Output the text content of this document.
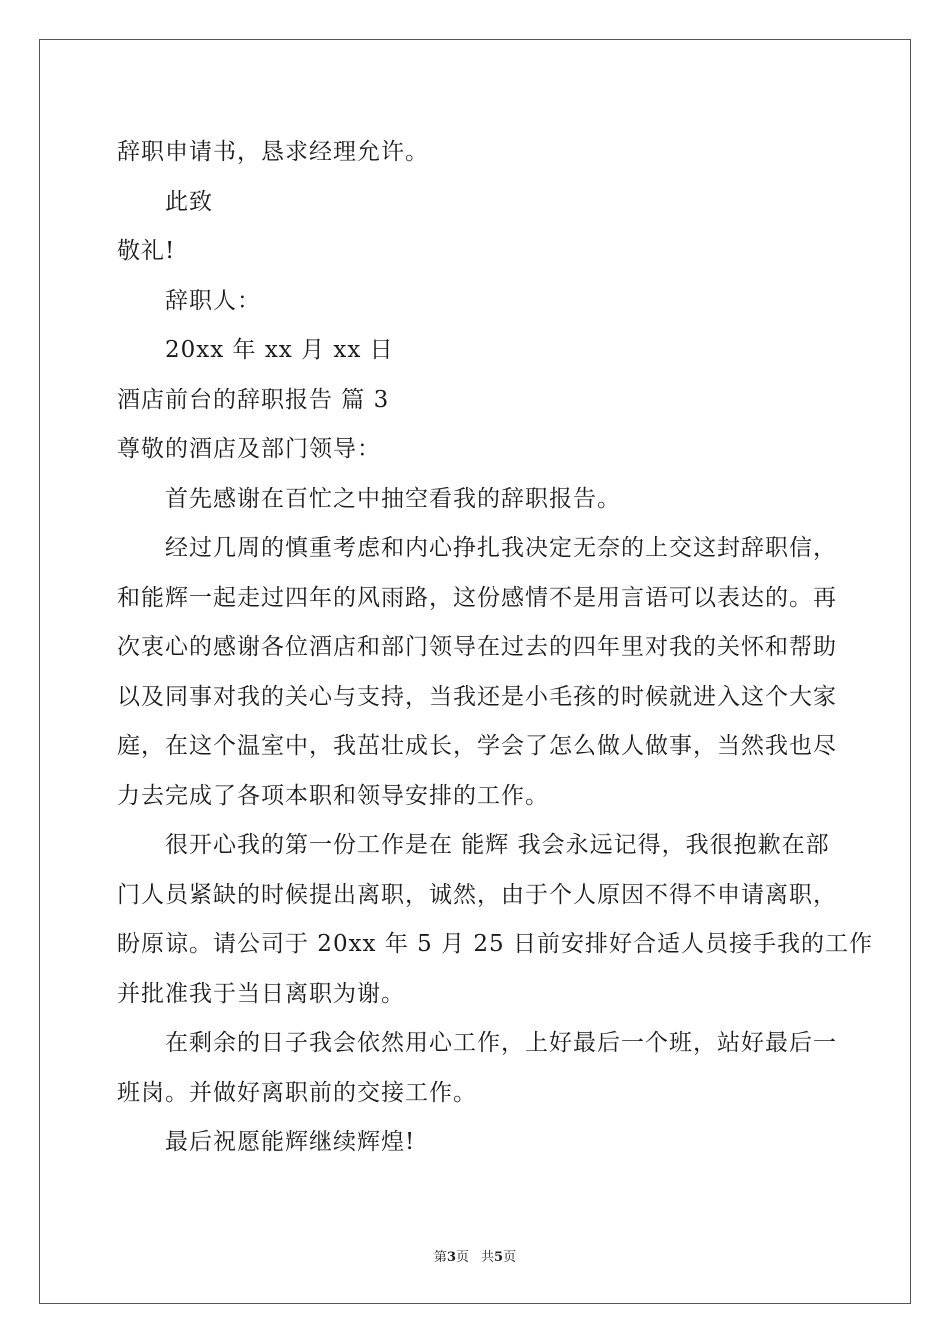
辞职申请书，恳求经理允许。
此致
敬礼!
辞职人：
20xx 年 xx 月 xx 日
酒店前台的辞职报告 篇 3
尊敬的酒店及部门领导：
首先感谢在百忙之中抽空看我的辞职报告。
经过几周的慎重考虑和内心挣扎我决定无奈的上交这封辞职信，
和能辉一起走过四年的风雨路，这份感情不是用言语可以表达的。再
次衷心的感谢各位酒店和部门领导在过去的四年里对我的关怀和帮助
以及同事对我的关心与支持，当我还是小毛孩的时候就进入这个大家
庭，在这个温室中，我茁壮成长，学会了怎么做人做事，当然我也尽
力去完成了各项本职和领导安排的工作。
很开心我的第一份工作是在 能辉 我会永远记得，我很抱歉在部
门人员紧缺的时候提出离职，诚然，由于个人原因不得不申请离职，
盼原谅。请公司于 20xx 年 5 月 25 日前安排好合适人员接手我的工作
并批准我于当日离职为谢。
在剩余的日子我会依然用心工作，上好最后一个班，站好最后一
班岗。并做好离职前的交接工作。
最后祝愿能辉继续辉煌!
第3页 共5页
